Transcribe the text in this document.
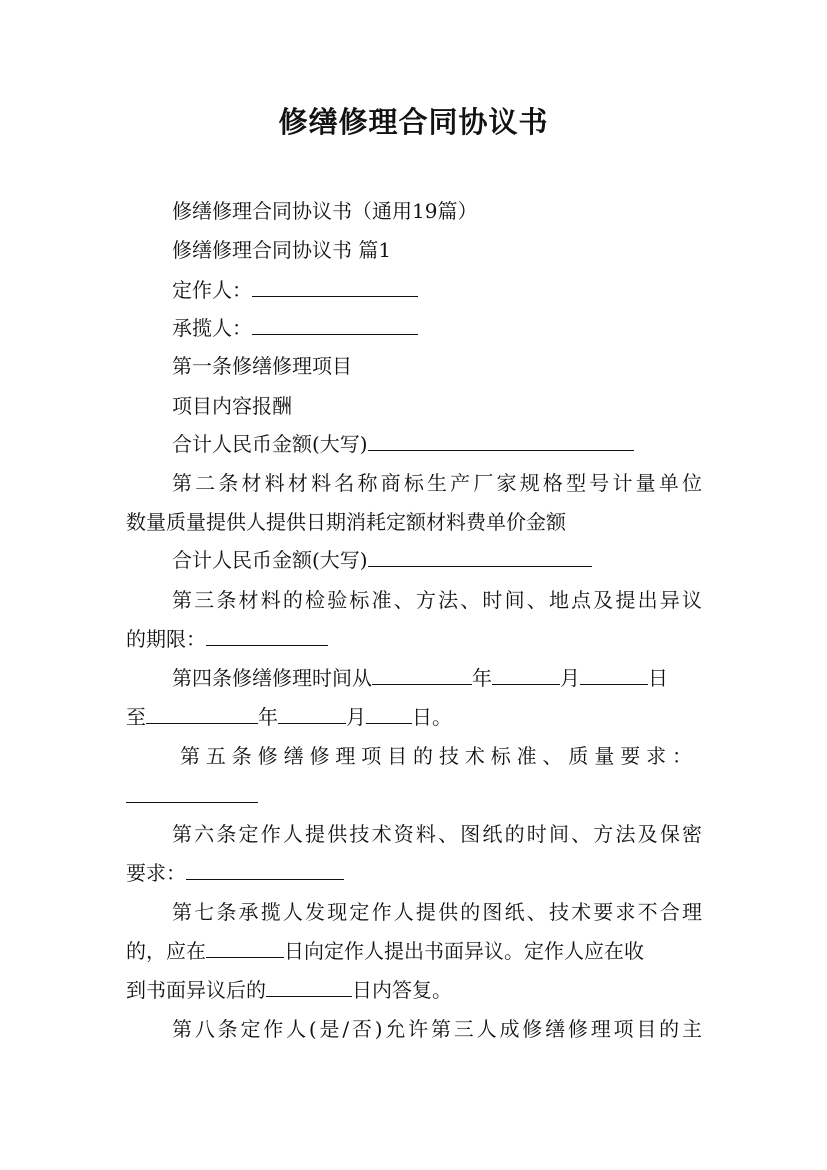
修缮修理合同协议书
修缮修理合同协议书（通用19篇）
修缮修理合同协议书 篇1
定作人：
承揽人：
第一条修缮修理项目
项目内容报酬
合计人民币金额(大写)
第二条材料材料名称商标生产厂家规格型号计量单位
数量质量提供人提供日期消耗定额材料费单价金额
合计人民币金额(大写)
第三条材料的检验标准、方法、时间、地点及提出异议
的期限：
第四条修缮修理时间从	年	月	日
至	年	月 日。
第五条修缮修理项目的技术标准、质量要求：
第六条定作人提供技术资料、图纸的时间、方法及保密
要求：
第七条承揽人发现定作人提供的图纸、技术要求不合理
的，应在	日向定作人提出书面异议。定作人应在收
到书面异议后的	日内答复。
第八条定作人(是/否)允许第三人成修缮修理项目的主
